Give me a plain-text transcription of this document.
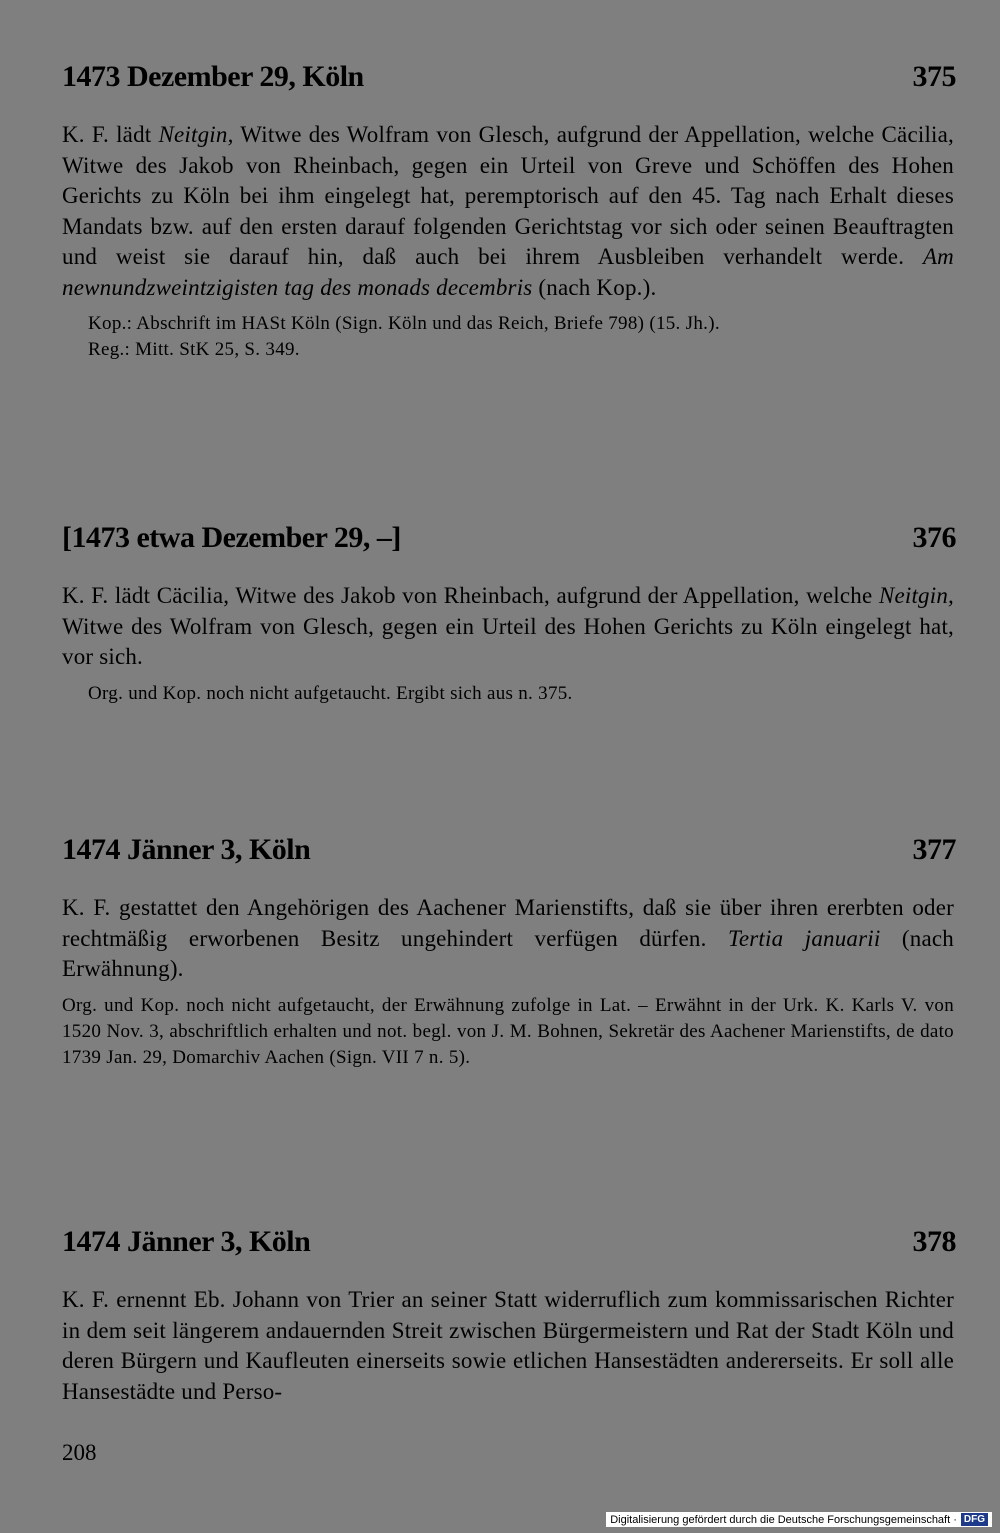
1473 Dezember 29, Köln	375
K. F. lädt Neitgin, Witwe des Wolfram von Glesch, aufgrund der Appellation, welche Cäcilia, Witwe des Jakob von Rheinbach, gegen ein Urteil von Greve und Schöffen des Hohen Gerichts zu Köln bei ihm eingelegt hat, peremptorisch auf den 45. Tag nach Erhalt dieses Mandats bzw. auf den ersten darauf folgenden Gerichtstag vor sich oder seinen Beauftragten und weist sie darauf hin, daß auch bei ihrem Ausbleiben verhandelt werde. Am newnundzweintzigisten tag des monads decembris (nach Kop.).
Kop.: Abschrift im HASt Köln (Sign. Köln und das Reich, Briefe 798) (15. Jh.).
Reg.: Mitt. StK 25, S. 349.
[1473 etwa Dezember 29, –]	376
K. F. lädt Cäcilia, Witwe des Jakob von Rheinbach, aufgrund der Appellation, welche Neitgin, Witwe des Wolfram von Glesch, gegen ein Urteil des Hohen Gerichts zu Köln eingelegt hat, vor sich.
Org. und Kop. noch nicht aufgetaucht. Ergibt sich aus n. 375.
1474 Jänner 3, Köln	377
K. F. gestattet den Angehörigen des Aachener Marienstifts, daß sie über ihren ererbten oder rechtmäßig erworbenen Besitz ungehindert verfügen dürfen. Tertia januarii (nach Erwähnung).
Org. und Kop. noch nicht aufgetaucht, der Erwähnung zufolge in Lat. – Erwähnt in der Urk. K. Karls V. von 1520 Nov. 3, abschriftlich erhalten und not. begl. von J. M. Bohnen, Sekretär des Aachener Marienstifts, de dato 1739 Jan. 29, Domarchiv Aachen (Sign. VII 7 n. 5).
1474 Jänner 3, Köln	378
K. F. ernennt Eb. Johann von Trier an seiner Statt widerruflich zum kommissarischen Richter in dem seit längerem andauernden Streit zwischen Bürgermeistern und Rat der Stadt Köln und deren Bürgern und Kaufleuten einerseits sowie etlichen Hansestädten andererseits. Er soll alle Hansestädte und Perso-
208
Digitalisierung gefördert durch die Deutsche Forschungsgemeinschaft · DFG
